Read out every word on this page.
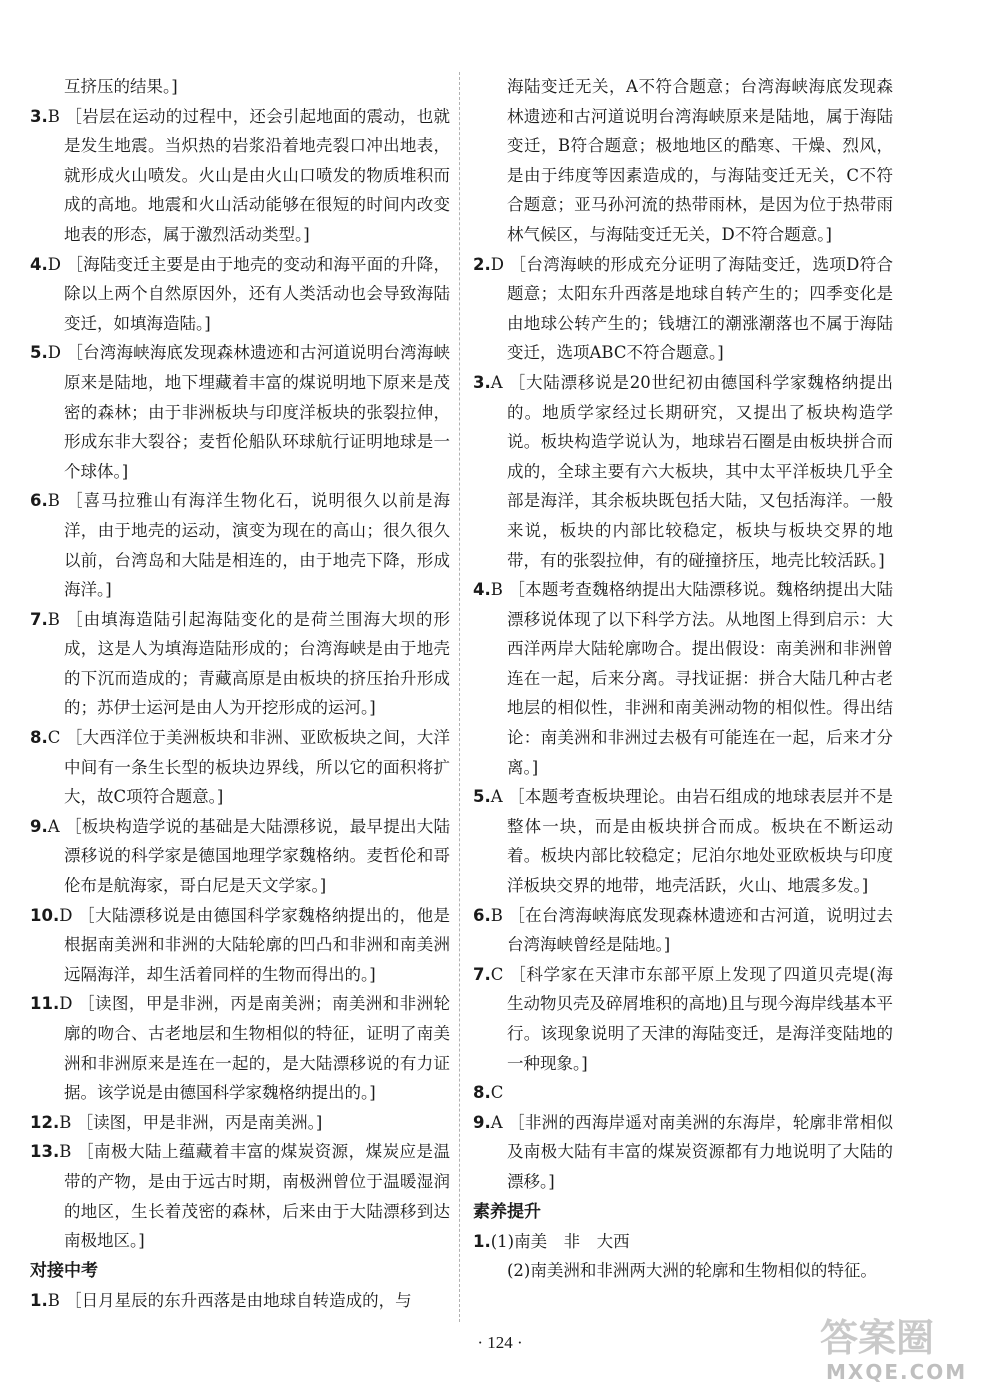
互挤压的结果。]

3.B ［岩层在运动的过程中，还会引起地面的震动，也就是发生地震。当炽热的岩浆沿着地壳裂口冲出地表，就形成火山喷发。火山是由火山口喷发的物质堆积而成的高地。地震和火山活动能够在很短的时间内改变地表的形态，属于激烈活动类型。]

4.D ［海陆变迁主要是由于地壳的变动和海平面的升降，除以上两个自然原因外，还有人类活动也会导致海陆变迁，如填海造陆。]

5.D ［台湾海峡海底发现森林遗迹和古河道说明台湾海峡原来是陆地，地下埋藏着丰富的煤说明地下原来是茂密的森林；由于非洲板块与印度洋板块的张裂拉伸，形成东非大裂谷；麦哲伦船队环球航行证明地球是一个球体。]

6.B ［喜马拉雅山有海洋生物化石，说明很久以前是海洋，由于地壳的运动，演变为现在的高山；很久很久以前，台湾岛和大陆是相连的，由于地壳下降，形成海洋。]

7.B ［由填海造陆引起海陆变化的是荷兰围海大坝的形成，这是人为填海造陆形成的；台湾海峡是由于地壳的下沉而造成的；青藏高原是由板块的挤压抬升形成的；苏伊士运河是由人为开挖形成的运河。]

8.C ［大西洋位于美洲板块和非洲、亚欧板块之间，大洋中间有一条生长型的板块边界线，所以它的面积将扩大，故C项符合题意。]

9.A ［板块构造学说的基础是大陆漂移说，最早提出大陆漂移说的科学家是德国地理学家魏格纳。麦哲伦和哥伦布是航海家，哥白尼是天文学家。]

10.D ［大陆漂移说是由德国科学家魏格纳提出的，他是根据南美洲和非洲的大陆轮廓的凹凸和非洲和南美洲远隔海洋，却生活着同样的生物而得出的。]

11.D ［读图，甲是非洲，丙是南美洲；南美洲和非洲轮廓的吻合、古老地层和生物相似的特征，证明了南美洲和非洲原来是连在一起的，是大陆漂移说的有力证据。该学说是由德国科学家魏格纳提出的。]

12.B ［读图，甲是非洲，丙是南美洲。]

13.B ［南极大陆上蕴藏着丰富的煤炭资源，煤炭应是温带的产物，是由于远古时期，南极洲曾位于温暖湿润的地区，生长着茂密的森林，后来由于大陆漂移到达南极地区。]

对接中考

1.B ［日月星辰的东升西落是由地球自转造成的，与

海陆变迁无关，A不符合题意；台湾海峡海底发现森林遗迹和古河道说明台湾海峡原来是陆地，属于海陆变迁，B符合题意；极地地区的酷寒、干燥、烈风，是由于纬度等因素造成的，与海陆变迁无关，C不符合题意；亚马孙河流的热带雨林，是因为位于热带雨林气候区，与海陆变迁无关，D不符合题意。]

2.D ［台湾海峡的形成充分证明了海陆变迁，选项D符合题意；太阳东升西落是地球自转产生的；四季变化是由地球公转产生的；钱塘江的潮涨潮落也不属于海陆变迁，选项ABC不符合题意。]

3.A ［大陆漂移说是20世纪初由德国科学家魏格纳提出的。地质学家经过长期研究，又提出了板块构造学说。板块构造学说认为，地球岩石圈是由板块拼合而成的，全球主要有六大板块，其中太平洋板块几乎全部是海洋，其余板块既包括大陆，又包括海洋。一般来说，板块的内部比较稳定，板块与板块交界的地带，有的张裂拉伸，有的碰撞挤压，地壳比较活跃。]

4.B ［本题考查魏格纳提出大陆漂移说。魏格纳提出大陆漂移说体现了以下科学方法。从地图上得到启示：大西洋两岸大陆轮廓吻合。提出假设：南美洲和非洲曾连在一起，后来分离。寻找证据：拼合大陆几种古老地层的相似性，非洲和南美洲动物的相似性。得出结论：南美洲和非洲过去极有可能连在一起，后来才分离。]

5.A ［本题考查板块理论。由岩石组成的地球表层并不是整体一块，而是由板块拼合而成。板块在不断运动着。板块内部比较稳定；尼泊尔地处亚欧板块与印度洋板块交界的地带，地壳活跃，火山、地震多发。]

6.B ［在台湾海峡海底发现森林遗迹和古河道，说明过去台湾海峡曾经是陆地。]

7.C ［科学家在天津市东部平原上发现了四道贝壳堤(海生动物贝壳及碎屑堆积的高地)且与现今海岸线基本平行。该现象说明了天津的海陆变迁，是海洋变陆地的一种现象。]

8.C

9.A ［非洲的西海岸遥对南美洲的东海岸，轮廓非常相似及南极大陆有丰富的煤炭资源都有力地说明了大陆的漂移。]

素养提升

1.(1)南美　非　大西

(2)南美洲和非洲两大洲的轮廓和生物相似的特征。

· 124 ·	答案圈
MXQE.COM
